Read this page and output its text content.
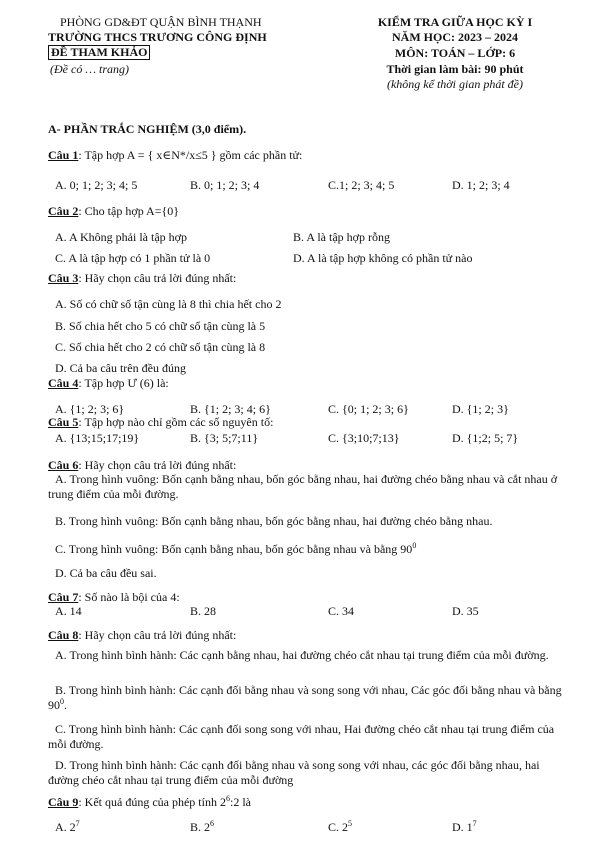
PHÒNG GD&ĐT QUẬN BÌNH THẠNH
TRƯỜNG THCS TRƯƠNG CÔNG ĐỊNH
ĐỀ THAM KHẢO
(Đề có … trang)
KIỂM TRA GIỮA HỌC KỲ I
NĂM HỌC: 2023 – 2024
MÔN: TOÁN – LỚP: 6
Thời gian làm bài: 90 phút
(không kể thời gian phát đề)
A- PHẦN TRẮC NGHIỆM (3,0 điểm).
Câu 1: Tập hợp A = { x∈N*/x≤5 } gồm các phần tử:
A. 0; 1; 2; 3; 4; 5	B. 0; 1; 2; 3; 4	C.1; 2; 3; 4; 5	D. 1; 2; 3; 4
Câu 2: Cho tập hợp A={0}
A. A Không phải là tập hợp	B. A là tập hợp rỗng
C. A là tập hợp có 1 phần tử là 0	D. A là tập hợp không có phần tử nào
Câu 3: Hãy chọn câu trả lời đúng nhất:
A. Số có chữ số tận cùng là 8 thì chia hết cho 2
B. Số chia hết cho 5 có chữ số tận cùng là 5
C. Số chia hết cho 2 có chữ số tận cùng là 8
D. Cả ba câu trên đều đúng
Câu 4: Tập hợp Ư (6) là:
A. {1; 2; 3; 6}	B. {1; 2; 3; 4; 6}	C. {0; 1; 2; 3; 6}	D. {1; 2; 3}
Câu 5: Tập hợp nào chỉ gồm các số nguyên tố:
A. {13;15;17;19}	B. {3; 5;7;11}	C. {3;10;7;13}	D. {1;2; 5; 7}
Câu 6: Hãy chọn câu trả lời đúng nhất:
A. Trong hình vuông: Bốn cạnh bằng nhau, bốn góc bằng nhau, hai đường chéo bằng nhau và cắt nhau ở trung điểm của mỗi đường.
B. Trong hình vuông: Bốn cạnh bằng nhau, bốn góc bằng nhau, hai đường chéo bằng nhau.
C. Trong hình vuông: Bốn cạnh bằng nhau, bốn góc bằng nhau và bằng $90^0$
D. Cả ba câu đều sai.
Câu 7: Số nào là bội của 4:
A. 14	B. 28	C. 34	D. 35
Câu 8: Hãy chọn câu trả lời đúng nhất:
A. Trong hình bình hành: Các cạnh bằng nhau, hai đường chéo cắt nhau tại trung điểm của mỗi đường.
B. Trong hình bình hành: Các cạnh đối bằng nhau và song song với nhau, Các góc đối bằng nhau và bằng $90^0$.
C. Trong hình bình hành: Các cạnh đối song song với nhau, Hai đường chéo cắt nhau tại trung điểm của mỗi đường.
D. Trong hình bình hành: Các cạnh đối bằng nhau và song song với nhau, các góc đối bằng nhau, hai đường chéo cắt nhau tại trung điểm của mỗi đường
Câu 9: Kết quả đúng của phép tính $2^6:2$ là
A. $2^7$	B. $2^6$	C. $2^5$	D. $1^7$
